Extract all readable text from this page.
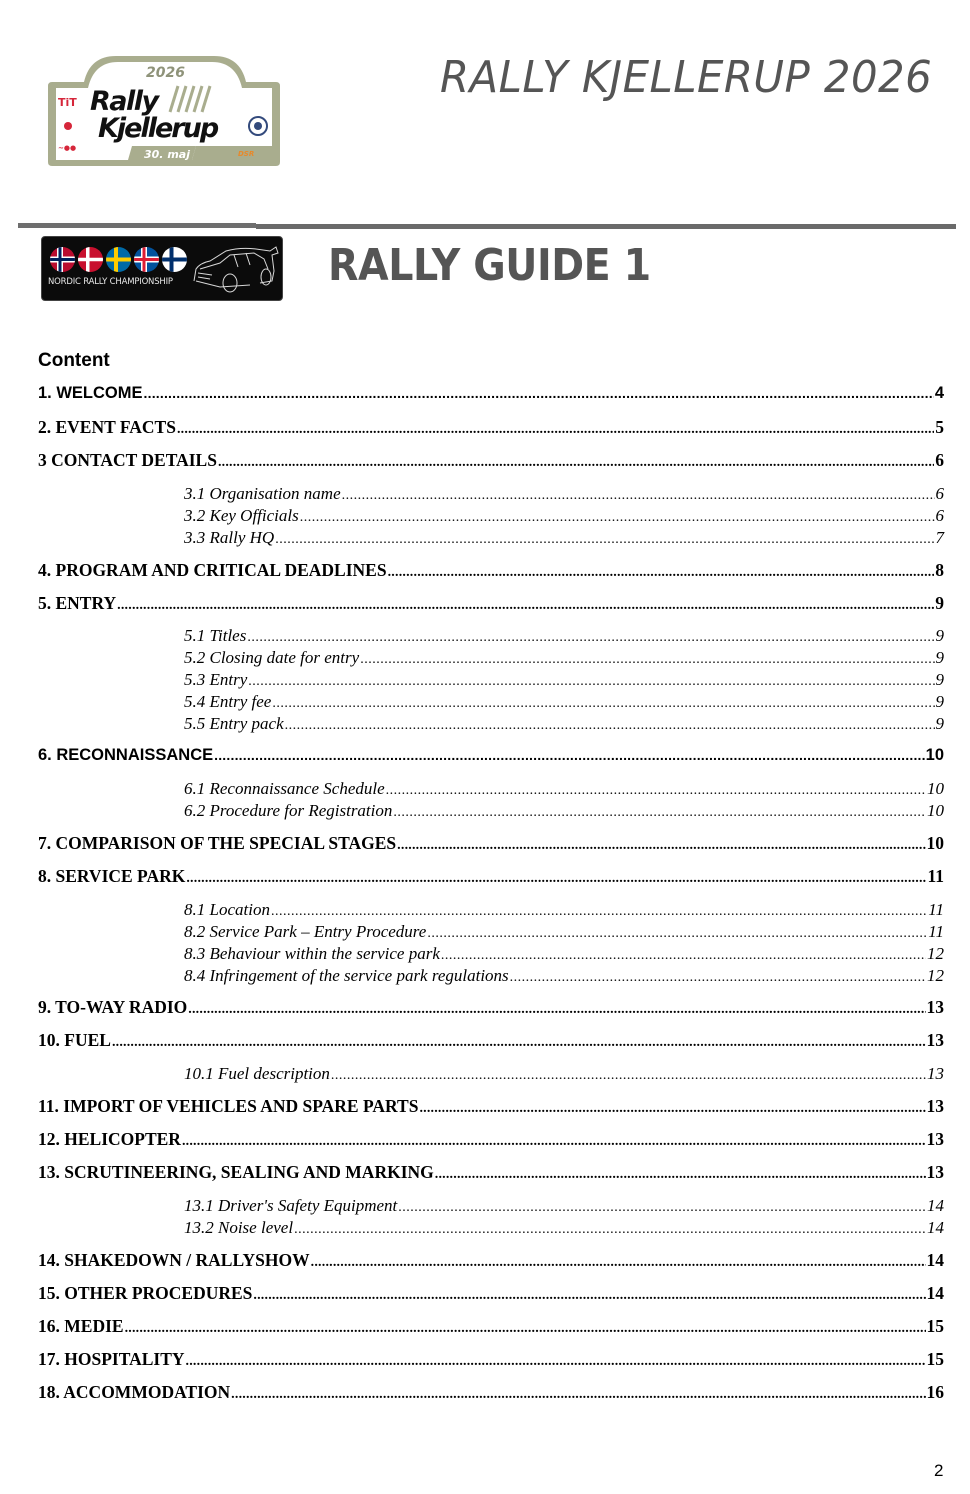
2026
Rally
Kjellerup
30. maj
TiT
~●●
DSR
RALLY KJELLERUP 2026
NORDIC RALLY CHAMPIONSHIP	RALLY GUIDE 1
Content
1. WELCOME .....	4
2. EVENT FACTS .....	5
3 CONTACT DETAILS .....	6
3.1 Organisation name .....	6
3.2 Key Officials .....	6
3.3 Rally HQ .....	7
4. PROGRAM AND CRITICAL DEADLINES .....	8
5. ENTRY .....	9
5.1 Titles .....	9
5.2 Closing date for entry .....	9
5.3 Entry .....	9
5.4 Entry fee .....	9
5.5 Entry pack .....	9
6. RECONNAISSANCE .....	10
6.1 Reconnaissance Schedule .....	10
6.2 Procedure for Registration .....	10
7. COMPARISON OF THE SPECIAL STAGES .....	10
8. SERVICE PARK .....	11
8.1 Location .....	11
8.2 Service Park – Entry Procedure .....	11
8.3 Behaviour within the service park .....	12
8.4 Infringement of the service park regulations .....	12
9. TO-WAY RADIO .....	13
10. FUEL .....	13
10.1 Fuel description .....	13
11. IMPORT OF VEHICLES AND SPARE PARTS .....	13
12. HELICOPTER .....	13
13. SCRUTINEERING, SEALING AND MARKING .....	13
13.1 Driver's Safety Equipment .....	14
13.2 Noise level .....	14
14. SHAKEDOWN / RALLYSHOW .....	14
15. OTHER PROCEDURES .....	14
16. MEDIE .....	15
17. HOSPITALITY .....	15
18. ACCOMMODATION .....	16
2
